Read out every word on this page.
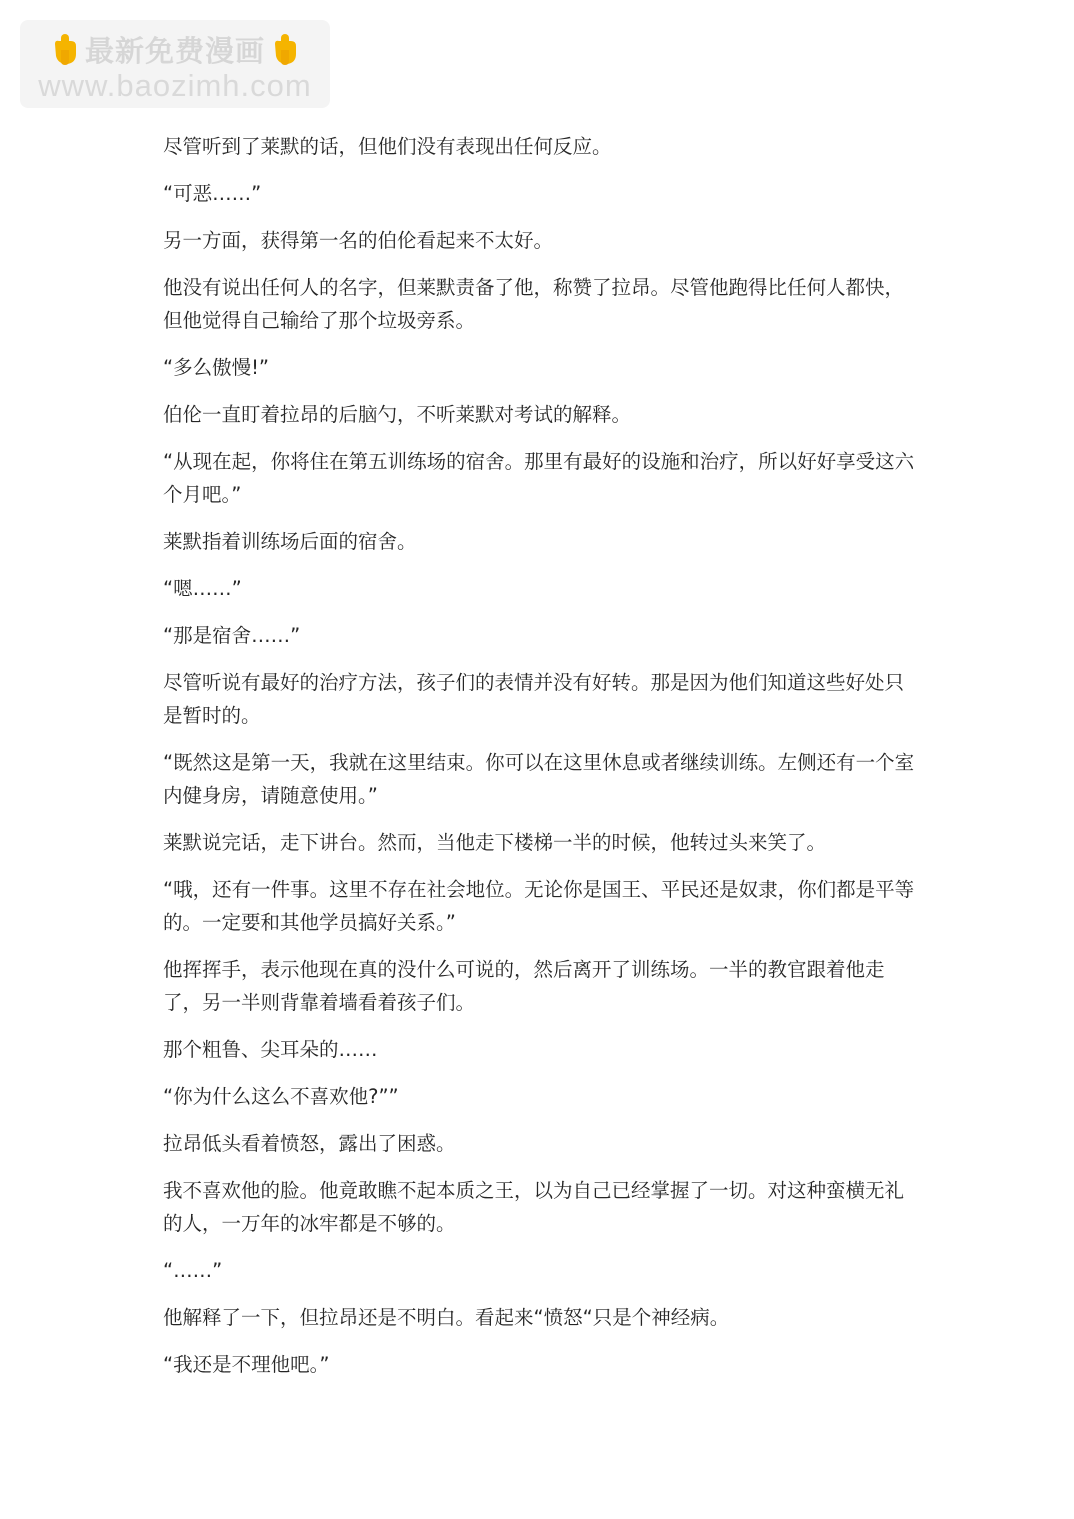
最新免费漫画
www.baozimh.com

尽管听到了莱默的话，但他们没有表现出任何反应。

“可恶……”

另一方面，获得第一名的伯伦看起来不太好。

他没有说出任何人的名字，但莱默责备了他，称赞了拉昂。尽管他跑得比任何人都快，但他觉得自己输给了那个垃圾旁系。

“多么傲慢!”

伯伦一直盯着拉昂的后脑勺，不听莱默对考试的解释。

“从现在起，你将住在第五训练场的宿舍。那里有最好的设施和治疗，所以好好享受这六个月吧。”

莱默指着训练场后面的宿舍。

“嗯……”

“那是宿舍……”

尽管听说有最好的治疗方法，孩子们的表情并没有好转。那是因为他们知道这些好处只是暂时的。

“既然这是第一天，我就在这里结束。你可以在这里休息或者继续训练。左侧还有一个室内健身房，请随意使用。”

莱默说完话，走下讲台。然而，当他走下楼梯一半的时候，他转过头来笑了。

“哦，还有一件事。这里不存在社会地位。无论你是国王、平民还是奴隶，你们都是平等的。一定要和其他学员搞好关系。”

他挥挥手，表示他现在真的没什么可说的，然后离开了训练场。一半的教官跟着他走了，另一半则背靠着墙看着孩子们。

那个粗鲁、尖耳朵的……

“你为什么这么不喜欢他?””

拉昂低头看着愤怒，露出了困惑。

我不喜欢他的脸。他竟敢瞧不起本质之王，以为自己已经掌握了一切。对这种蛮横无礼的人，一万年的冰牢都是不够的。

“……”

他解释了一下，但拉昂还是不明白。看起来“愤怒“只是个神经病。

“我还是不理他吧。”
